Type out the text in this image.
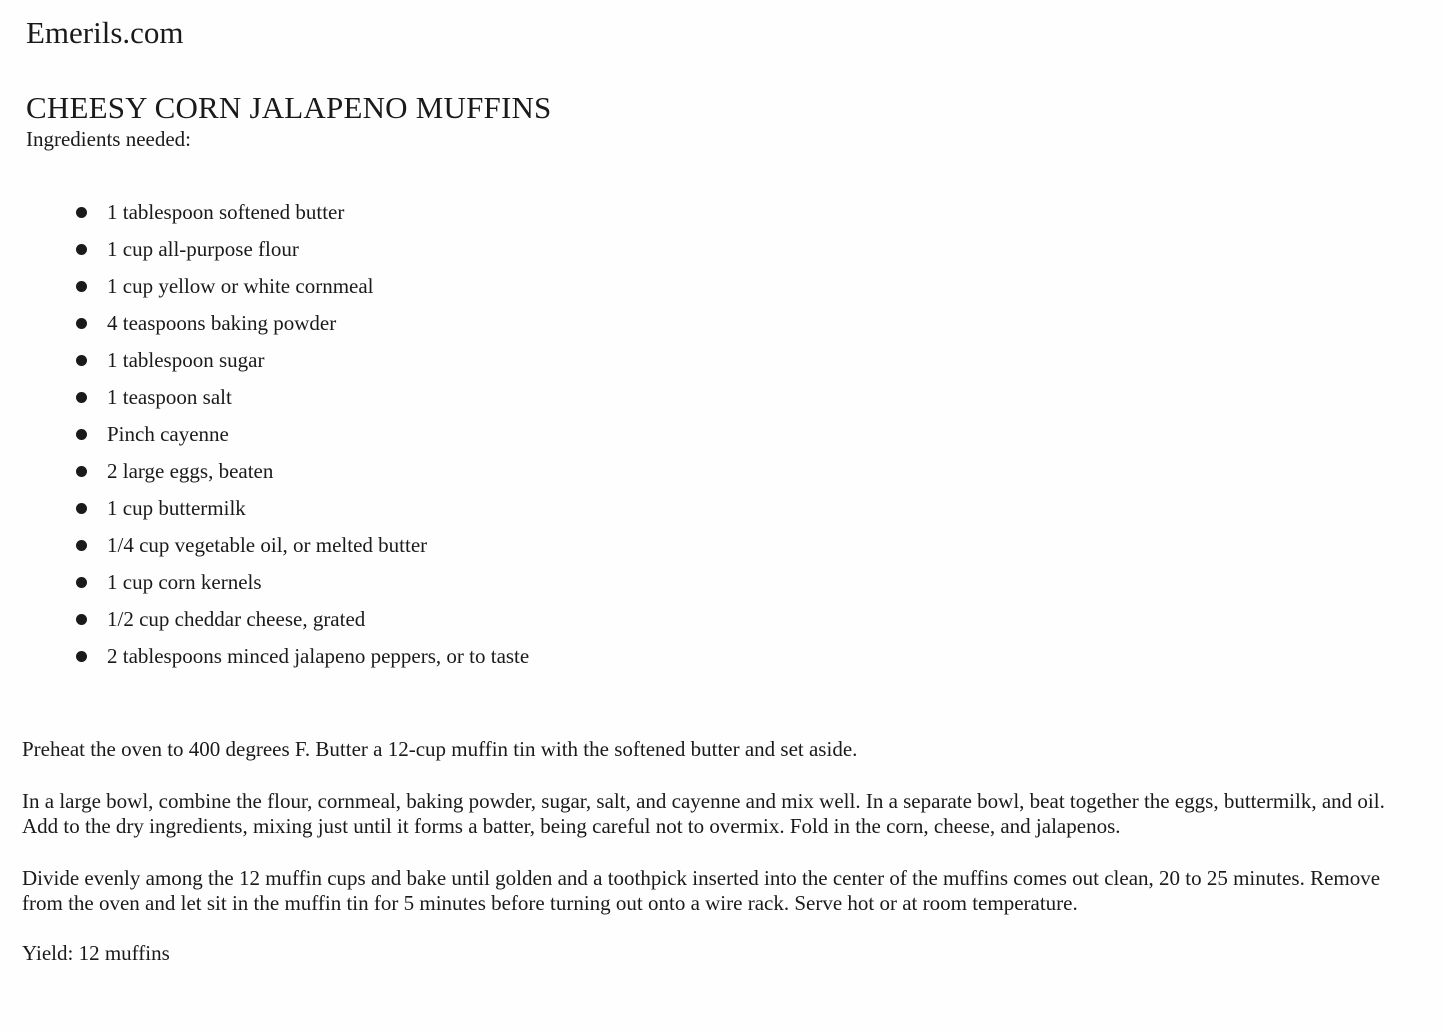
Emerils.com
CHEESY CORN JALAPENO MUFFINS
Ingredients needed:
1 tablespoon softened butter
1 cup all-purpose flour
1 cup yellow or white cornmeal
4 teaspoons baking powder
1 tablespoon sugar
1 teaspoon salt
Pinch cayenne
2 large eggs, beaten
1 cup buttermilk
1/4 cup vegetable oil, or melted butter
1 cup corn kernels
1/2 cup cheddar cheese, grated
2 tablespoons minced jalapeno peppers, or to taste

Preheat the oven to 400 degrees F. Butter a 12-cup muffin tin with the softened butter and set aside.

In a large bowl, combine the flour, cornmeal, baking powder, sugar, salt, and cayenne and mix well. In a separate bowl, beat together the eggs, buttermilk, and oil. Add to the dry ingredients, mixing just until it forms a batter, being careful not to overmix. Fold in the corn, cheese, and jalapenos.

Divide evenly among the 12 muffin cups and bake until golden and a toothpick inserted into the center of the muffins comes out clean, 20 to 25 minutes. Remove from the oven and let sit in the muffin tin for 5 minutes before turning out onto a wire rack. Serve hot or at room temperature.

Yield: 12 muffins
